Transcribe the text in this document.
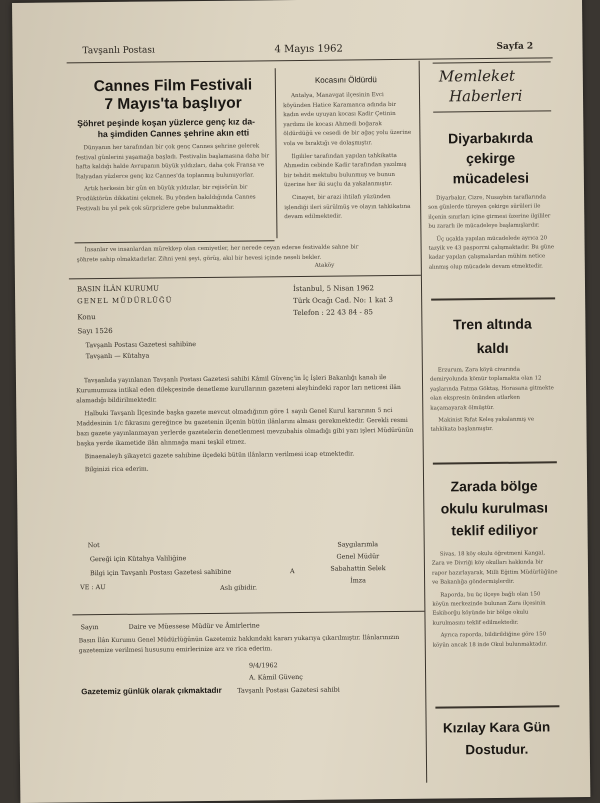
Tavşanlı Postası	4 Mayıs 1962	Sayfa 2
Cannes Film Festivali
7 Mayıs'ta başlıyor
Şöhret peşinde koşan yüzlerce genç kız da-
ha şimdiden Cannes şehrine akın etti

Dünyanın her tarafından bir çok genç Cannes şehrine gelerek festival günlerini yaşamağa başladı. Festivalin başlamasına daha bir hafta kaldığı halde Avrupanın büyük yıldızları, daha çok Fransa ve İtalyadan yüzlerce genç kız Cannes'da toplanmış bulunuyorlar.

Artık herkesin bir gün en büyük yıldızlar, bir rejisörün bir Prodüktörün dikkatini çekmek. Bu yönden bakıldığında Cannes Festivali bu yıl pek çok sürprizlere gebe bulunmaktadır.

İnsanlar ve insanlardan mürekkep olan cemiyetler, her nerede ceyan ederse festivalde sahne bir şöhrete sahip olmaktadırlar. Zihni yeni şeyi, görüş, akıl bir hevesi içinde neseli bekler.

Ataköy
Kocasını Öldürdü

Antalya, Manavgat ilçesinin Evci köyünden Hatice Karamanca adında bir kadın evde uyuyan kocası Kadir Çetinin yardımı ile kocası Ahmedi boğarak öldürdüğü ve cesedi de bir ağaç yolu üzerine vola ve bıraktığı ve dolaşmıştır.

İlgililer tarafından yapılan tahkikatta Ahmedin cebinde Kadir tarafından yazılmış bir tehdit mektubu bulunmuş ve bunun üzerine her iki suçlu da yakalanmıştır.

Cinayet, bir arazi ihtilafı yüzünden işlendiği ileri sürülmüş ve olayın tahkikatına devam edilmektedir.

BASIN İLÂN KURUMU
GENEL MÜDÜRLÜĞÜ
İstanbul, 5 Nisan 1962
Türk Ocağı Cad. No: 1 kat 3
Telefon : 22 43 84 - 85
Konu
Sayı 1526
Tavşanlı Postası Gazetesi sahibine
Tavşanlı — Kütahya

Tavşanlıda yayınlanan Tavşanlı Postası Gazetesi sahibi Kâmil Güvenç'in İç İşleri Bakanlığı kanalı ile Kurumumuza intikal eden dilekçesinde denetleme kurullarının gazeteni aleyhindeki rapor ları neticesi ilân alamadığı bildirilmektedir.

Halbuki Tavşanlı İlçesinde başka gazete mevcut olmadığının göre 1 sayılı Genel Kurul kararının 5 nci Maddesinin 1/c fıkrasını gereğince bu gazetenin ilçenin bütün ilânlarını alması gerekmektedir. Gerekli resmi bazı gazete yayınlanmayan yerlerde gazetelerin denetlenmesi mevzubahis olmadığı gibi yazı işleri Müdürünün başka yerde ikametide ilân alınmağa mani teşkil etmez.

Binaenaleyh şikayetci gazete sahibine ilçedeki bütün ilânların verilmesi icap etmektedir.

Bilginizi rica ederim.

Not
Gereği için Kütahya Valiliğine
Bilgi için Tavşanlı Postası Gazetesi sahibine	A
VE : AU	Aslı gibidir.
Saygılarımla
Genel Müdür
Sabahattin Selek
İmza
Sayın	Daire ve Müessese Müdür ve Âmirlerine
Basın İlân Kurumu Genel Müdürlüğünün Gazetemiz hakkındaki kararı yukarıya çıkarılmıştır. İlânlarınızın gazetemize verilmesi hususunu emirlerinize arz ve rica ederim.
9/4/1962
A. Kâmil Güvenç
Gazetemiz günlük olarak çıkmaktadır Tavşanlı Postası Gazetesi sahibi
Memleket
Haberleri
Diyarbakırda
çekirge
mücadelesi

Diyarbakır, Cizre, Nusaybin taraflarında son günlerde türeyen çekirge sürüleri ile ilçenin sınırları içine girmesi üzerine ilgililer bu zararlı ile mücadeleye başlamışlardır.

Üç uçakla yapılan mücadelede ayrıca 20 tazyik ve 43 pasporrni çalışmaktadır. Bu güne kadar yapılan çalışmalardan mühim netice alınmış olup mücadele devam etmektedir.

Tren altında
kaldı

Erzurum, Zara köyü civarında demiryolunda kömür toplamakta olan 12 yaşlarında Fatma Göktaş, Horasana gitmekte olan ekspresin önünden atlarken kaçamayarak ölmüştür.

Makinist Rıfat Keleş yakalanmış ve tahkikata başlanmıştır.

Zarada bölge
okulu kurulması
teklif ediliyor

Sivas, 18 köy okulu öğretmeni Kangal, Zara ve Divriği köy okulları hakkında bir rapor hazırlayarak, Milli Eğitim Müdürlüğüne ve Bakanlığa göndermişlerdir.

Raporda, bu üç ilçeye bağlı olan 150 köyün merkezinde bulunan Zara ilçesinin Eskiborğu köyünde bir bölge okulu kurulmasını teklif edilmektedir.

Ayrıca raporda, bildirildiğine göre 150 köyün ancak 18 inde Okul bulunmaktadır.

Kızılay Kara Gün
Dostudur.
